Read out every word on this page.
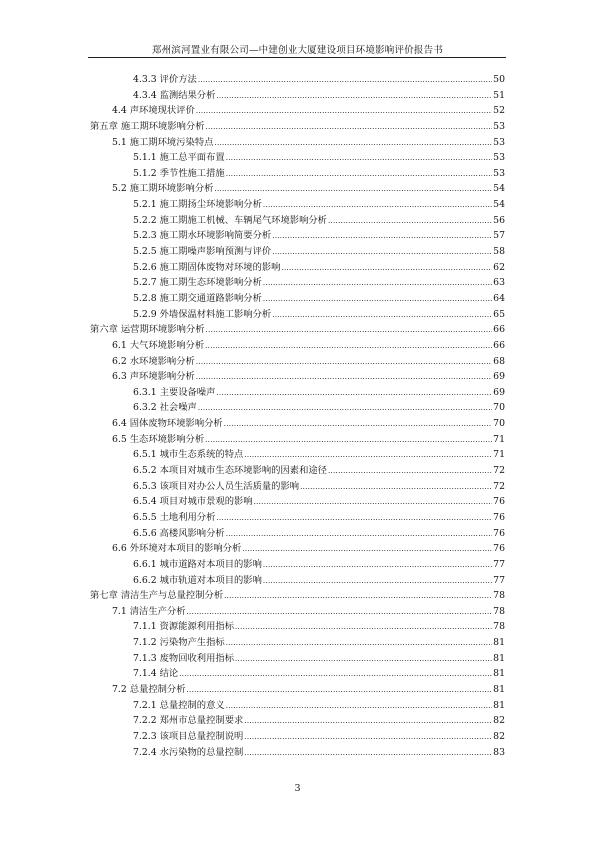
郑州滨河置业有限公司—中建创业大厦建设项目环境影响评价报告书
4.3.3 评价方法 .....	50
4.3.4 监测结果分析 .....	51
4.4 声环境现状评价 .....	52
第五章 施工期环境影响分析 .....	53
5.1 施工期环境污染特点 .....	53
5.1.1 施工总平面布置 .....	53
5.1.2 季节性施工措施 .....	53
5.2 施工期环境影响分析 .....	54
5.2.1 施工期扬尘环境影响分析 .....	54
5.2.2 施工期施工机械、车辆尾气环境影响分析 .....	56
5.2.3 施工期水环境影响简要分析 .....	57
5.2.5 施工期噪声影响预测与评价 .....	58
5.2.6 施工期固体废物对环境的影响 .....	62
5.2.7 施工期生态环境影响分析 .....	63
5.2.8 施工期交通道路影响分析 .....	64
5.2.9 外墙保温材料施工影响分析 .....	65
第六章 运营期环境影响分析 .....	66
6.1 大气环境影响分析 .....	66
6.2 水环境影响分析 .....	68
6.3 声环境影响分析 .....	69
6.3.1 主要设备噪声 .....	69
6.3.2 社会噪声 .....	70
6.4 固体废物环境影响分析 .....	70
6.5 生态环境影响分析 .....	71
6.5.1 城市生态系统的特点 .....	71
6.5.2 本项目对城市生态环境影响的因素和途径 .....	72
6.5.3 该项目对办公人员生活质量的影响 .....	72
6.5.4 项目对城市景观的影响 .....	76
6.5.5 土地利用分析 .....	76
6.5.6 高楼风影响分析 .....	76
6.6 外环境对本项目的影响分析 .....	76
6.6.1 城市道路对本项目的影响 .....	77
6.6.2 城市轨道对本项目的影响 .....	77
第七章 清洁生产与总量控制分析 .....	78
7.1 清洁生产分析 .....	78
7.1.1 资源能源利用指标 .....	78
7.1.2 污染物产生指标 .....	81
7.1.3 废物回收利用指标 .....	81
7.1.4 结论 .....	81
7.2 总量控制分析 .....	81
7.2.1 总量控制的意义 .....	81
7.2.2 郑州市总量控制要求 .....	82
7.2.3 该项目总量控制说明 .....	82
7.2.4 水污染物的总量控制 .....	83
3
